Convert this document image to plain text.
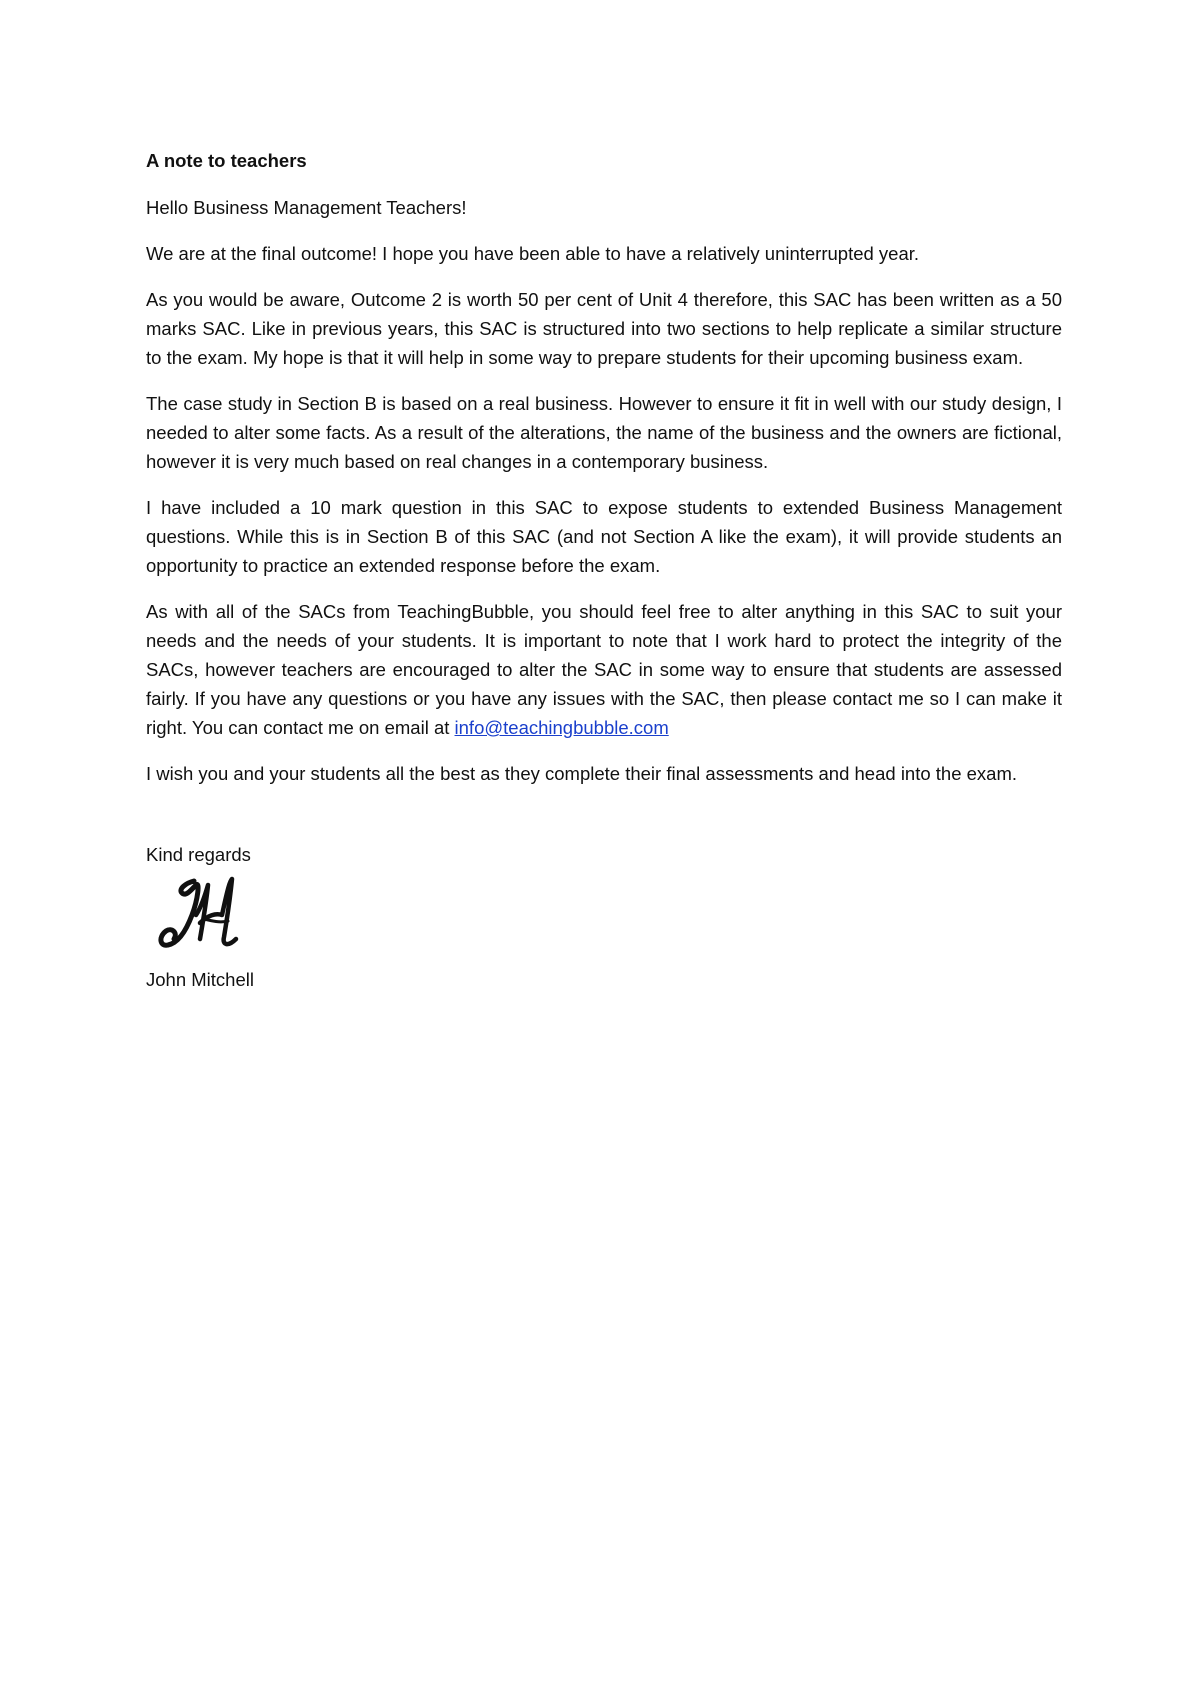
A note to teachers

Hello Business Management Teachers!

We are at the final outcome! I hope you have been able to have a relatively uninterrupted year.

As you would be aware, Outcome 2 is worth 50 per cent of Unit 4 therefore, this SAC has been written as a 50 marks SAC. Like in previous years, this SAC is structured into two sections to help replicate a similar structure to the exam. My hope is that it will help in some way to prepare students for their upcoming business exam.

The case study in Section B is based on a real business. However to ensure it fit in well with our study design, I needed to alter some facts. As a result of the alterations, the name of the business and the owners are fictional, however it is very much based on real changes in a contemporary business.

I have included a 10 mark question in this SAC to expose students to extended Business Management questions. While this is in Section B of this SAC (and not Section A like the exam), it will provide students an opportunity to practice an extended response before the exam.

As with all of the SACs from TeachingBubble, you should feel free to alter anything in this SAC to suit your needs and the needs of your students. It is important to note that I work hard to protect the integrity of the SACs, however teachers are encouraged to alter the SAC in some way to ensure that students are assessed fairly. If you have any questions or you have any issues with the SAC, then please contact me so I can make it right. You can contact me on email at info@teachingbubble.com

I wish you and your students all the best as they complete their final assessments and head into the exam.

Kind regards

John Mitchell
